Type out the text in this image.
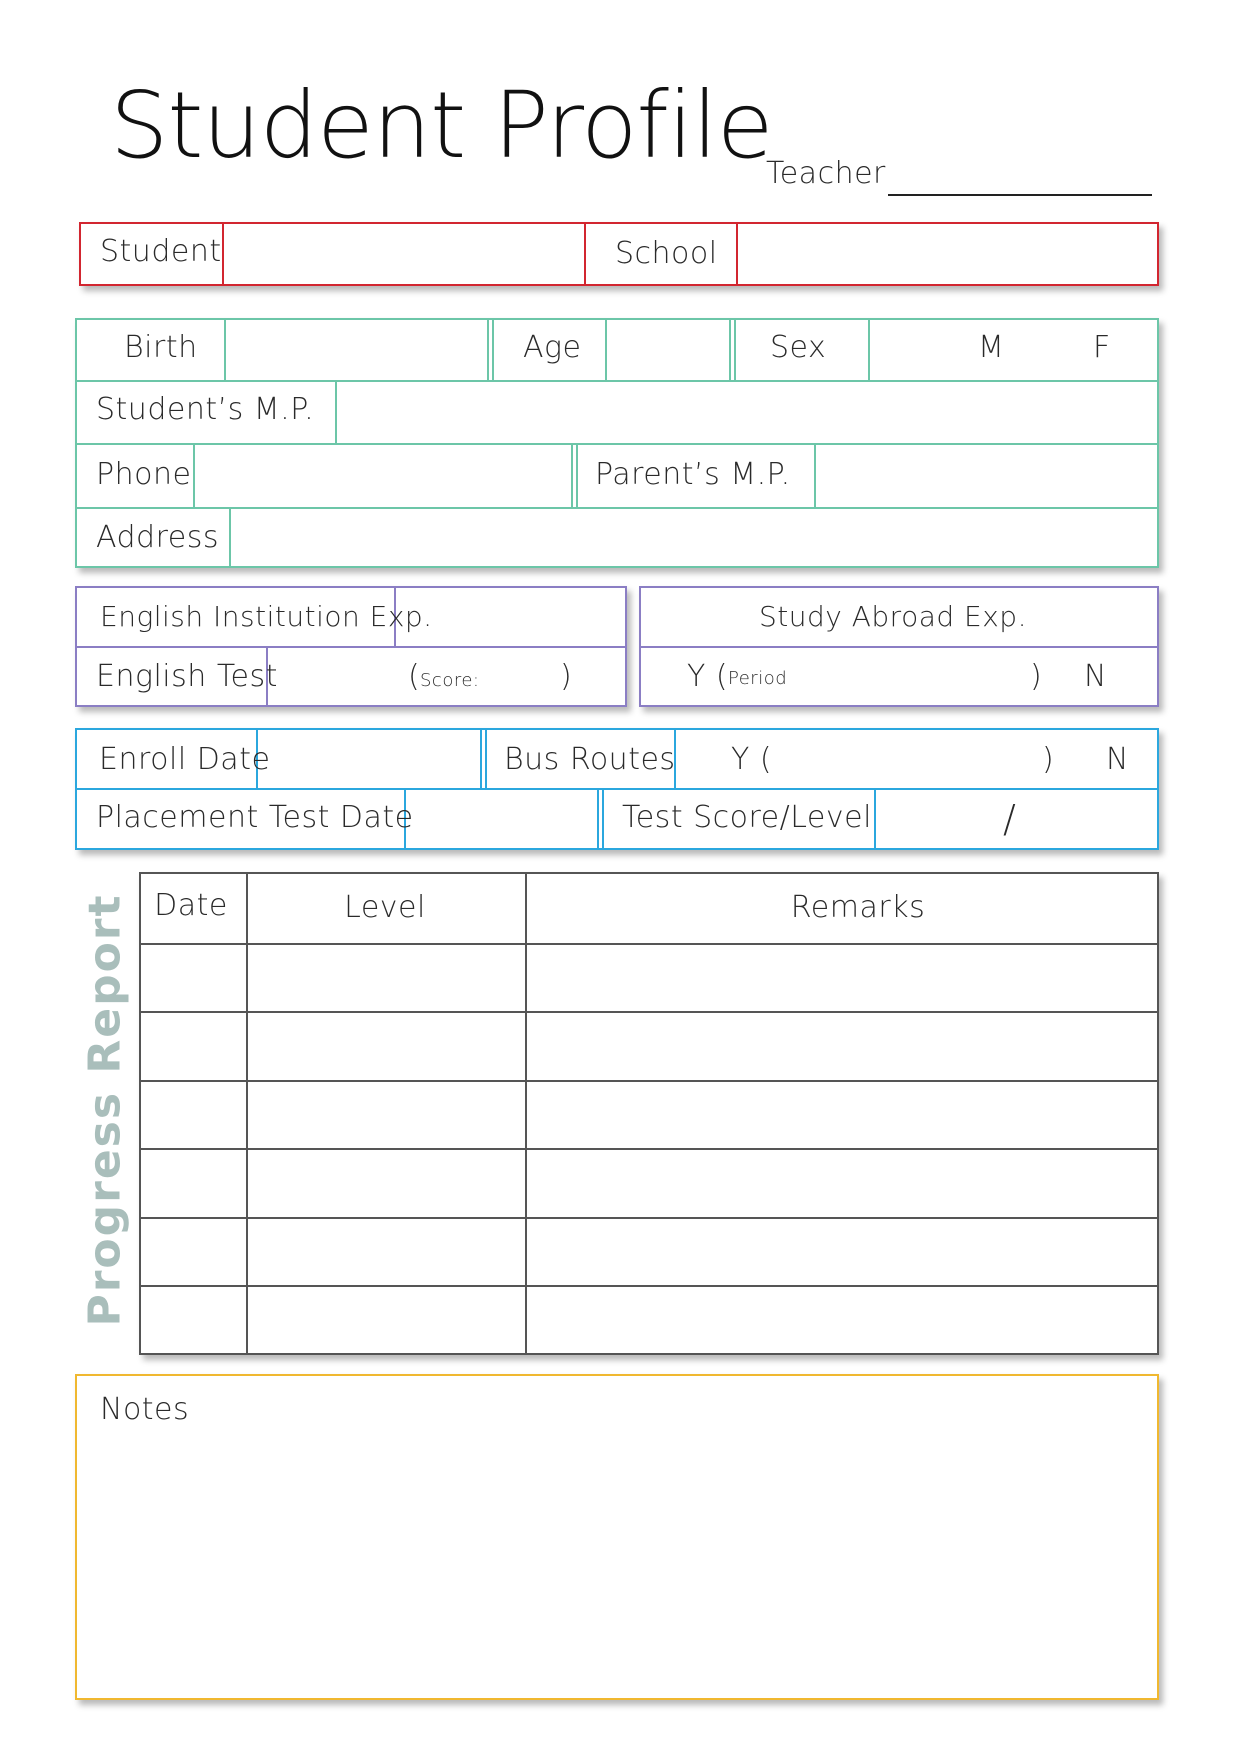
Student Profile
Teacher
Student	School
Birth	Age	Sex	M	F
Student’s M.P.
Phone	Parent’s M.P.
Address
English Institution Exp.
English Test	( Score:	)
Study Abroad Exp.
Y ( Period	) N
Enroll Date	Bus Routes Y (	) N
Placement Test Date	Test Score/Level	/
Progress Report Date	Level	Remarks
Notes
